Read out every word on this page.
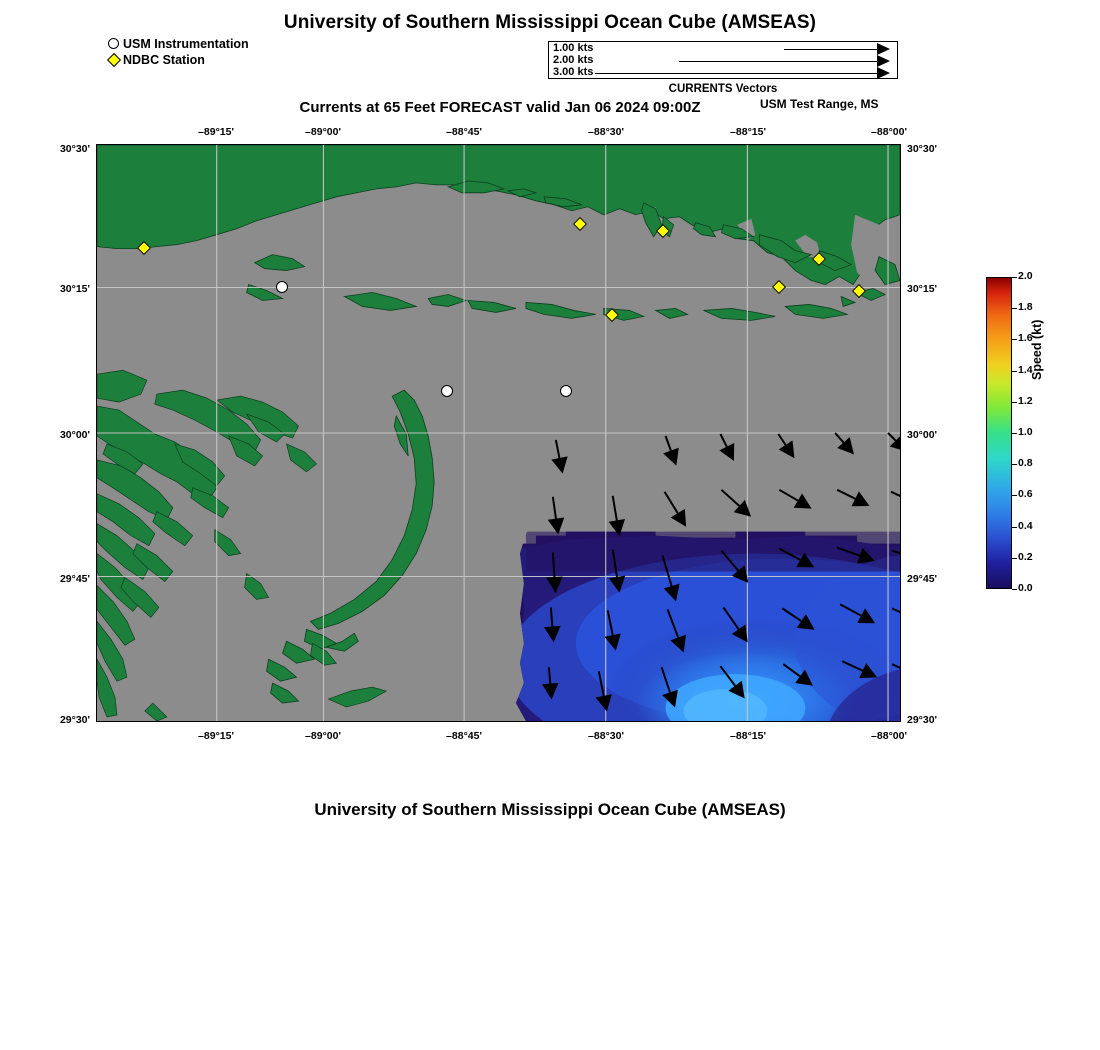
University of Southern Mississippi Ocean Cube (AMSEAS)
USM Instrumentation
NDBC Station
1.00 kts
2.00 kts
3.00 kts
CURRENTS Vectors
Currents at 65 Feet FORECAST valid Jan 06 2024 09:00Z	USM Test Range, MS
–89°15'
–89°15'
–89°00'
–89°00'
–88°45'
–88°45'
–88°30'
–88°30'
–88°15'
–88°15'
–88°00'
–88°00'
30°30'	30°30'
30°15'	30°15'
30°00'	30°00'
29°45'	29°45'
29°30'	29°30'
2.0
1.8
1.6
1.4
1.2
1.0
0.8
0.6
0.4
0.2
0.0
Speed (kt)
University of Southern Mississippi Ocean Cube (AMSEAS)
